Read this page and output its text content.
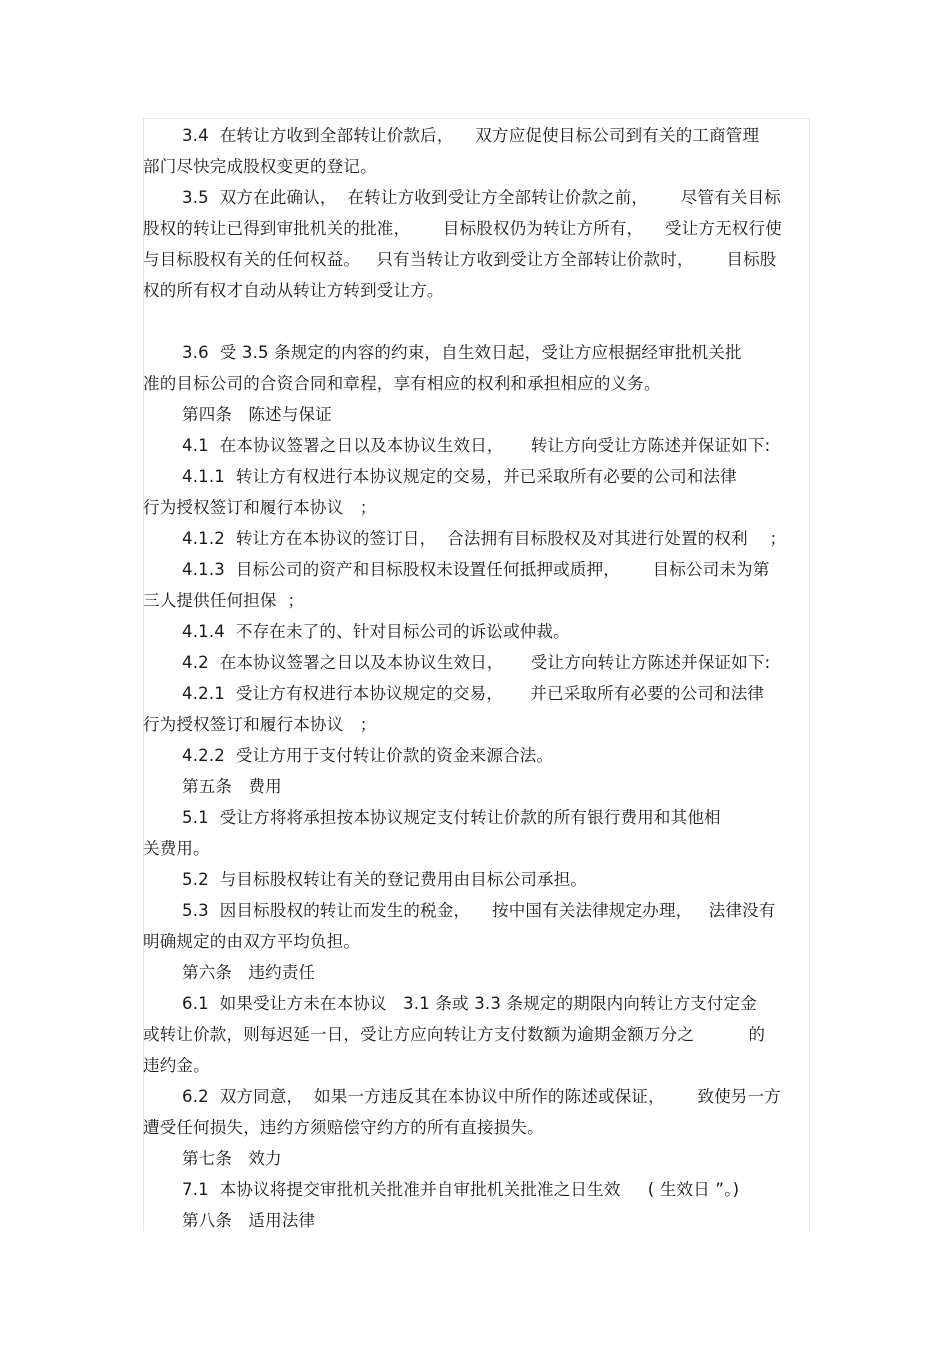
3.4  在转让方收到全部转让价款后，    双方应促使目标公司到有关的工商管理
部门尽快完成股权变更的登记。
3.5  双方在此确认，  在转让方收到受让方全部转让价款之前，      尽管有关目标
股权的转让已得到审批机关的批准，      目标股权仍为转让方所有，    受让方无权行使
与目标股权有关的任何权益。   只有当转让方收到受让方全部转让价款时，      目标股
权的所有权才自动从转让方转到受让方。
3.6  受 3.5 条规定的内容的约束，自生效日起，受让方应根据经审批机关批
准的目标公司的合资合同和章程，享有相应的权利和承担相应的义务。
第四条   陈述与保证
4.1  在本协议签署之日以及本协议生效日，     转让方向受让方陈述并保证如下:
4.1.1  转让方有权进行本协议规定的交易，并已采取所有必要的公司和法律
行为授权签订和履行本协议   ；
4.1.2  转让方在本协议的签订日，  合法拥有目标股权及对其进行处置的权利    ；
4.1.3  目标公司的资产和目标股权未设置任何抵押或质押，      目标公司未为第
三人提供任何担保  ；
4.1.4  不存在未了的、针对目标公司的诉讼或仲裁。
4.2  在本协议签署之日以及本协议生效日，     受让方向转让方陈述并保证如下:
4.2.1  受让方有权进行本协议规定的交易，     并已采取所有必要的公司和法律
行为授权签订和履行本协议   ；
4.2.2  受让方用于支付转让价款的资金来源合法。
第五条   费用
5.1  受让方将将承担按本协议规定支付转让价款的所有银行费用和其他相
关费用。
5.2  与目标股权转让有关的登记费用由目标公司承担。
5.3  因目标股权的转让而发生的税金，    按中国有关法律规定办理，   法律没有
明确规定的由双方平均负担。
第六条   违约责任
6.1  如果受让方未在本协议   3.1 条或 3.3 条规定的期限内向转让方支付定金
或转让价款，则每迟延一日，受让方应向转让方支付数额为逾期金额万分之          的
违约金。
6.2  双方同意，  如果一方违反其在本协议中所作的陈述或保证，      致使另一方
遭受任何损失，违约方须赔偿守约方的所有直接损失。
第七条   效力
7.1  本协议将提交审批机关批准并自审批机关批准之日生效     ( 生效日 ”。)
第八条   适用法律
